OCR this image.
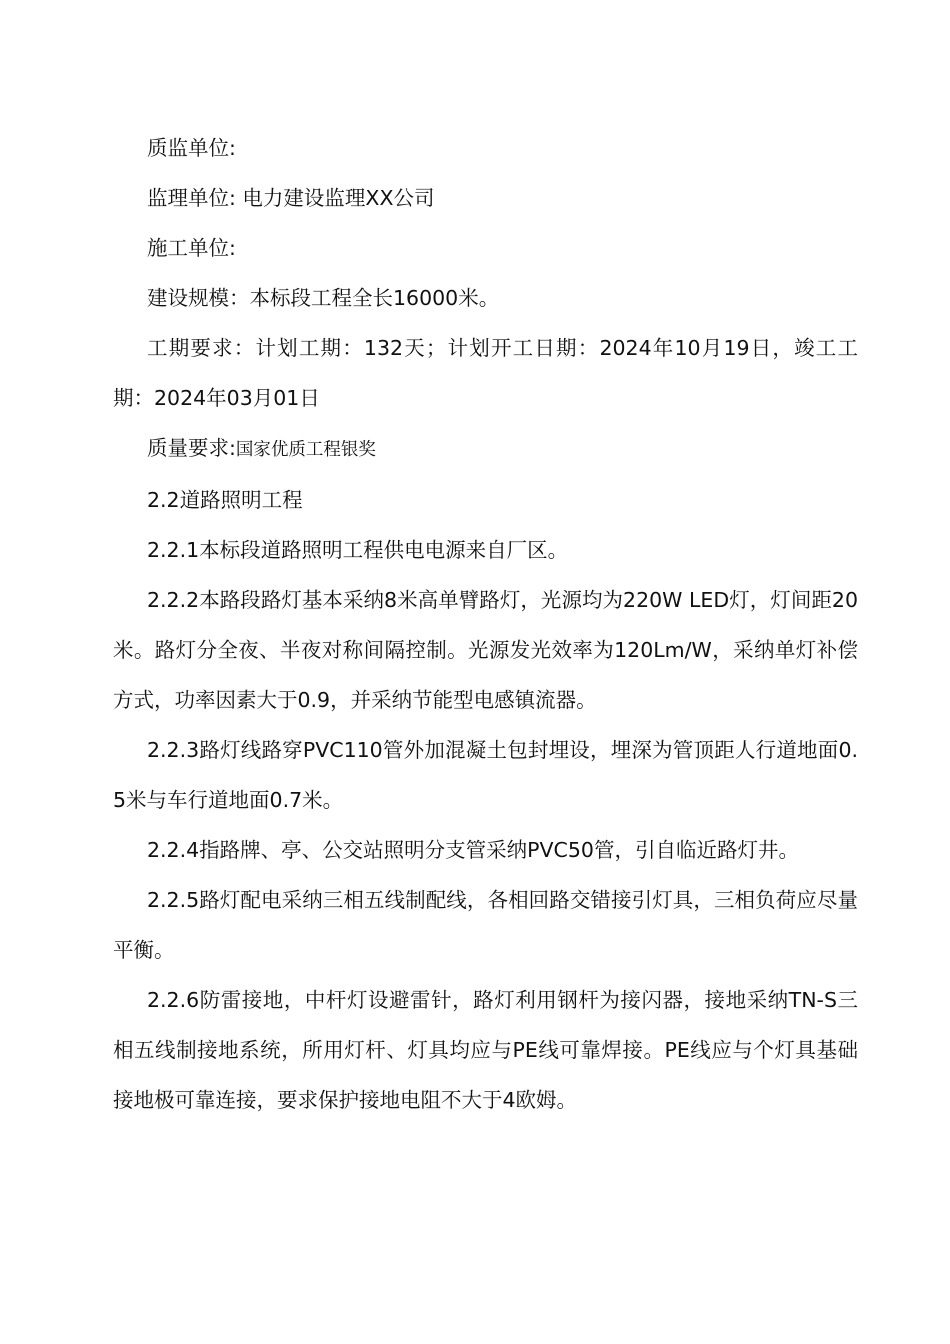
质监单位:

监理单位: 电力建设监理XX公司

施工单位:

建设规模：本标段工程全长16000米。

工期要求：计划工期：132天；计划开工日期：2024年10月19日，竣工工期：2024年03月01日

质量要求:国家优质工程银奖

2.2道路照明工程

2.2.1本标段道路照明工程供电电源来自厂区。

2.2.2本路段路灯基本采纳8米高单臂路灯，光源均为220W LED灯，灯间距20米。路灯分全夜、半夜对称间隔控制。光源发光效率为120Lm/W，采纳单灯补偿方式，功率因素大于0.9，并采纳节能型电感镇流器。

2.2.3路灯线路穿PVC110管外加混凝土包封埋设，埋深为管顶距人行道地面0.5米与车行道地面0.7米。

2.2.4指路牌、亭、公交站照明分支管采纳PVC50管，引自临近路灯井。

2.2.5路灯配电采纳三相五线制配线，各相回路交错接引灯具，三相负荷应尽量平衡。

2.2.6防雷接地，中杆灯设避雷针，路灯利用钢杆为接闪器，接地采纳TN-S三相五线制接地系统，所用灯杆、灯具均应与PE线可靠焊接。PE线应与个灯具基础接地极可靠连接，要求保护接地电阻不大于4欧姆。
